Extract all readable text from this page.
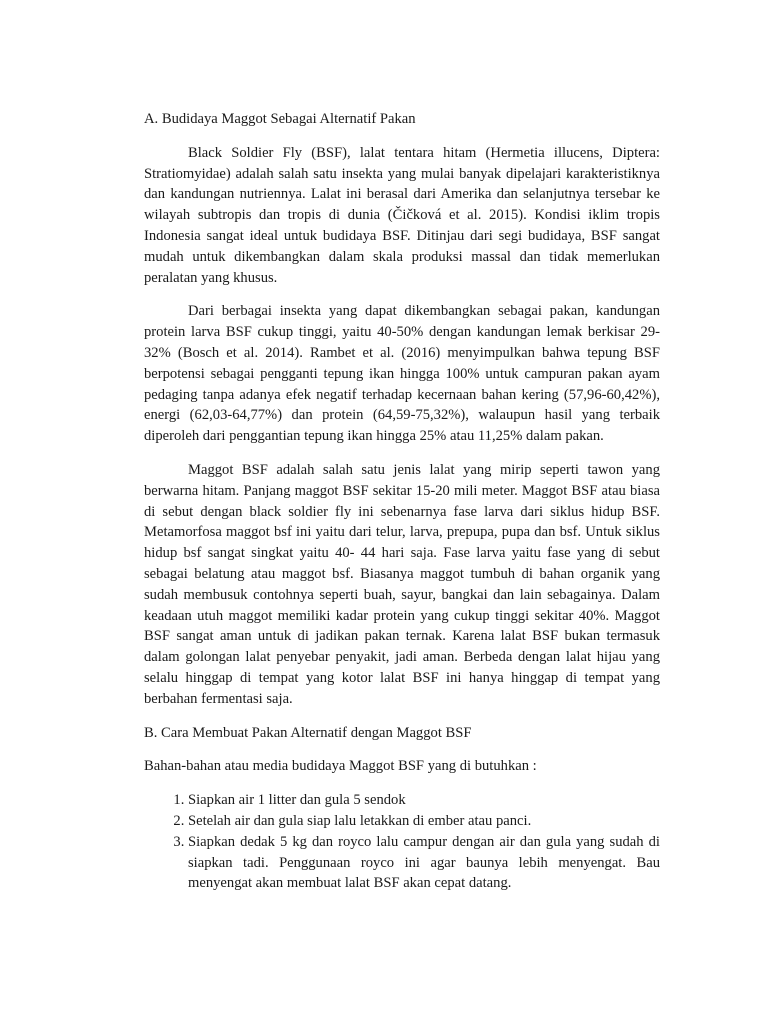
A. Budidaya Maggot Sebagai Alternatif Pakan

Black Soldier Fly (BSF), lalat tentara hitam (Hermetia illucens, Diptera: Stratiomyidae) adalah salah satu insekta yang mulai banyak dipelajari karakteristiknya dan kandungan nutriennya. Lalat ini berasal dari Amerika dan selanjutnya tersebar ke wilayah subtropis dan tropis di dunia (Čičková et al. 2015). Kondisi iklim tropis Indonesia sangat ideal untuk budidaya BSF. Ditinjau dari segi budidaya, BSF sangat mudah untuk dikembangkan dalam skala produksi massal dan tidak memerlukan peralatan yang khusus.

Dari berbagai insekta yang dapat dikembangkan sebagai pakan, kandungan protein larva BSF cukup tinggi, yaitu 40-50% dengan kandungan lemak berkisar 29-32% (Bosch et al. 2014). Rambet et al. (2016) menyimpulkan bahwa tepung BSF berpotensi sebagai pengganti tepung ikan hingga 100% untuk campuran pakan ayam pedaging tanpa adanya efek negatif terhadap kecernaan bahan kering (57,96-60,42%), energi (62,03-64,77%) dan protein (64,59-75,32%), walaupun hasil yang terbaik diperoleh dari penggantian tepung ikan hingga 25% atau 11,25% dalam pakan.

Maggot BSF adalah salah satu jenis lalat yang mirip seperti tawon yang berwarna hitam. Panjang maggot BSF sekitar 15-20 mili meter. Maggot BSF atau biasa di sebut dengan black soldier fly ini sebenarnya fase larva dari siklus hidup BSF. Metamorfosa maggot bsf ini yaitu dari telur, larva, prepupa, pupa dan bsf. Untuk siklus hidup bsf sangat singkat yaitu 40- 44 hari saja. Fase larva yaitu fase yang di sebut sebagai belatung atau maggot bsf. Biasanya maggot tumbuh di bahan organik yang sudah membusuk contohnya seperti buah, sayur, bangkai dan lain sebagainya. Dalam keadaan utuh maggot memiliki kadar protein yang cukup tinggi sekitar 40%. Maggot BSF sangat aman untuk di jadikan pakan ternak. Karena lalat BSF bukan termasuk dalam golongan lalat penyebar penyakit, jadi aman. Berbeda dengan lalat hijau yang selalu hinggap di tempat yang kotor lalat BSF ini hanya hinggap di tempat yang berbahan fermentasi saja.

B. Cara Membuat Pakan Alternatif dengan Maggot BSF

Bahan-bahan atau media budidaya Maggot BSF yang di butuhkan :

1. Siapkan air 1 litter dan gula 5 sendok
2. Setelah air dan gula siap lalu letakkan di ember atau panci.
3. Siapkan dedak 5 kg dan royco lalu campur dengan air dan gula yang sudah di siapkan tadi. Penggunaan royco ini agar baunya lebih menyengat. Bau menyengat akan membuat lalat BSF akan cepat datang.
